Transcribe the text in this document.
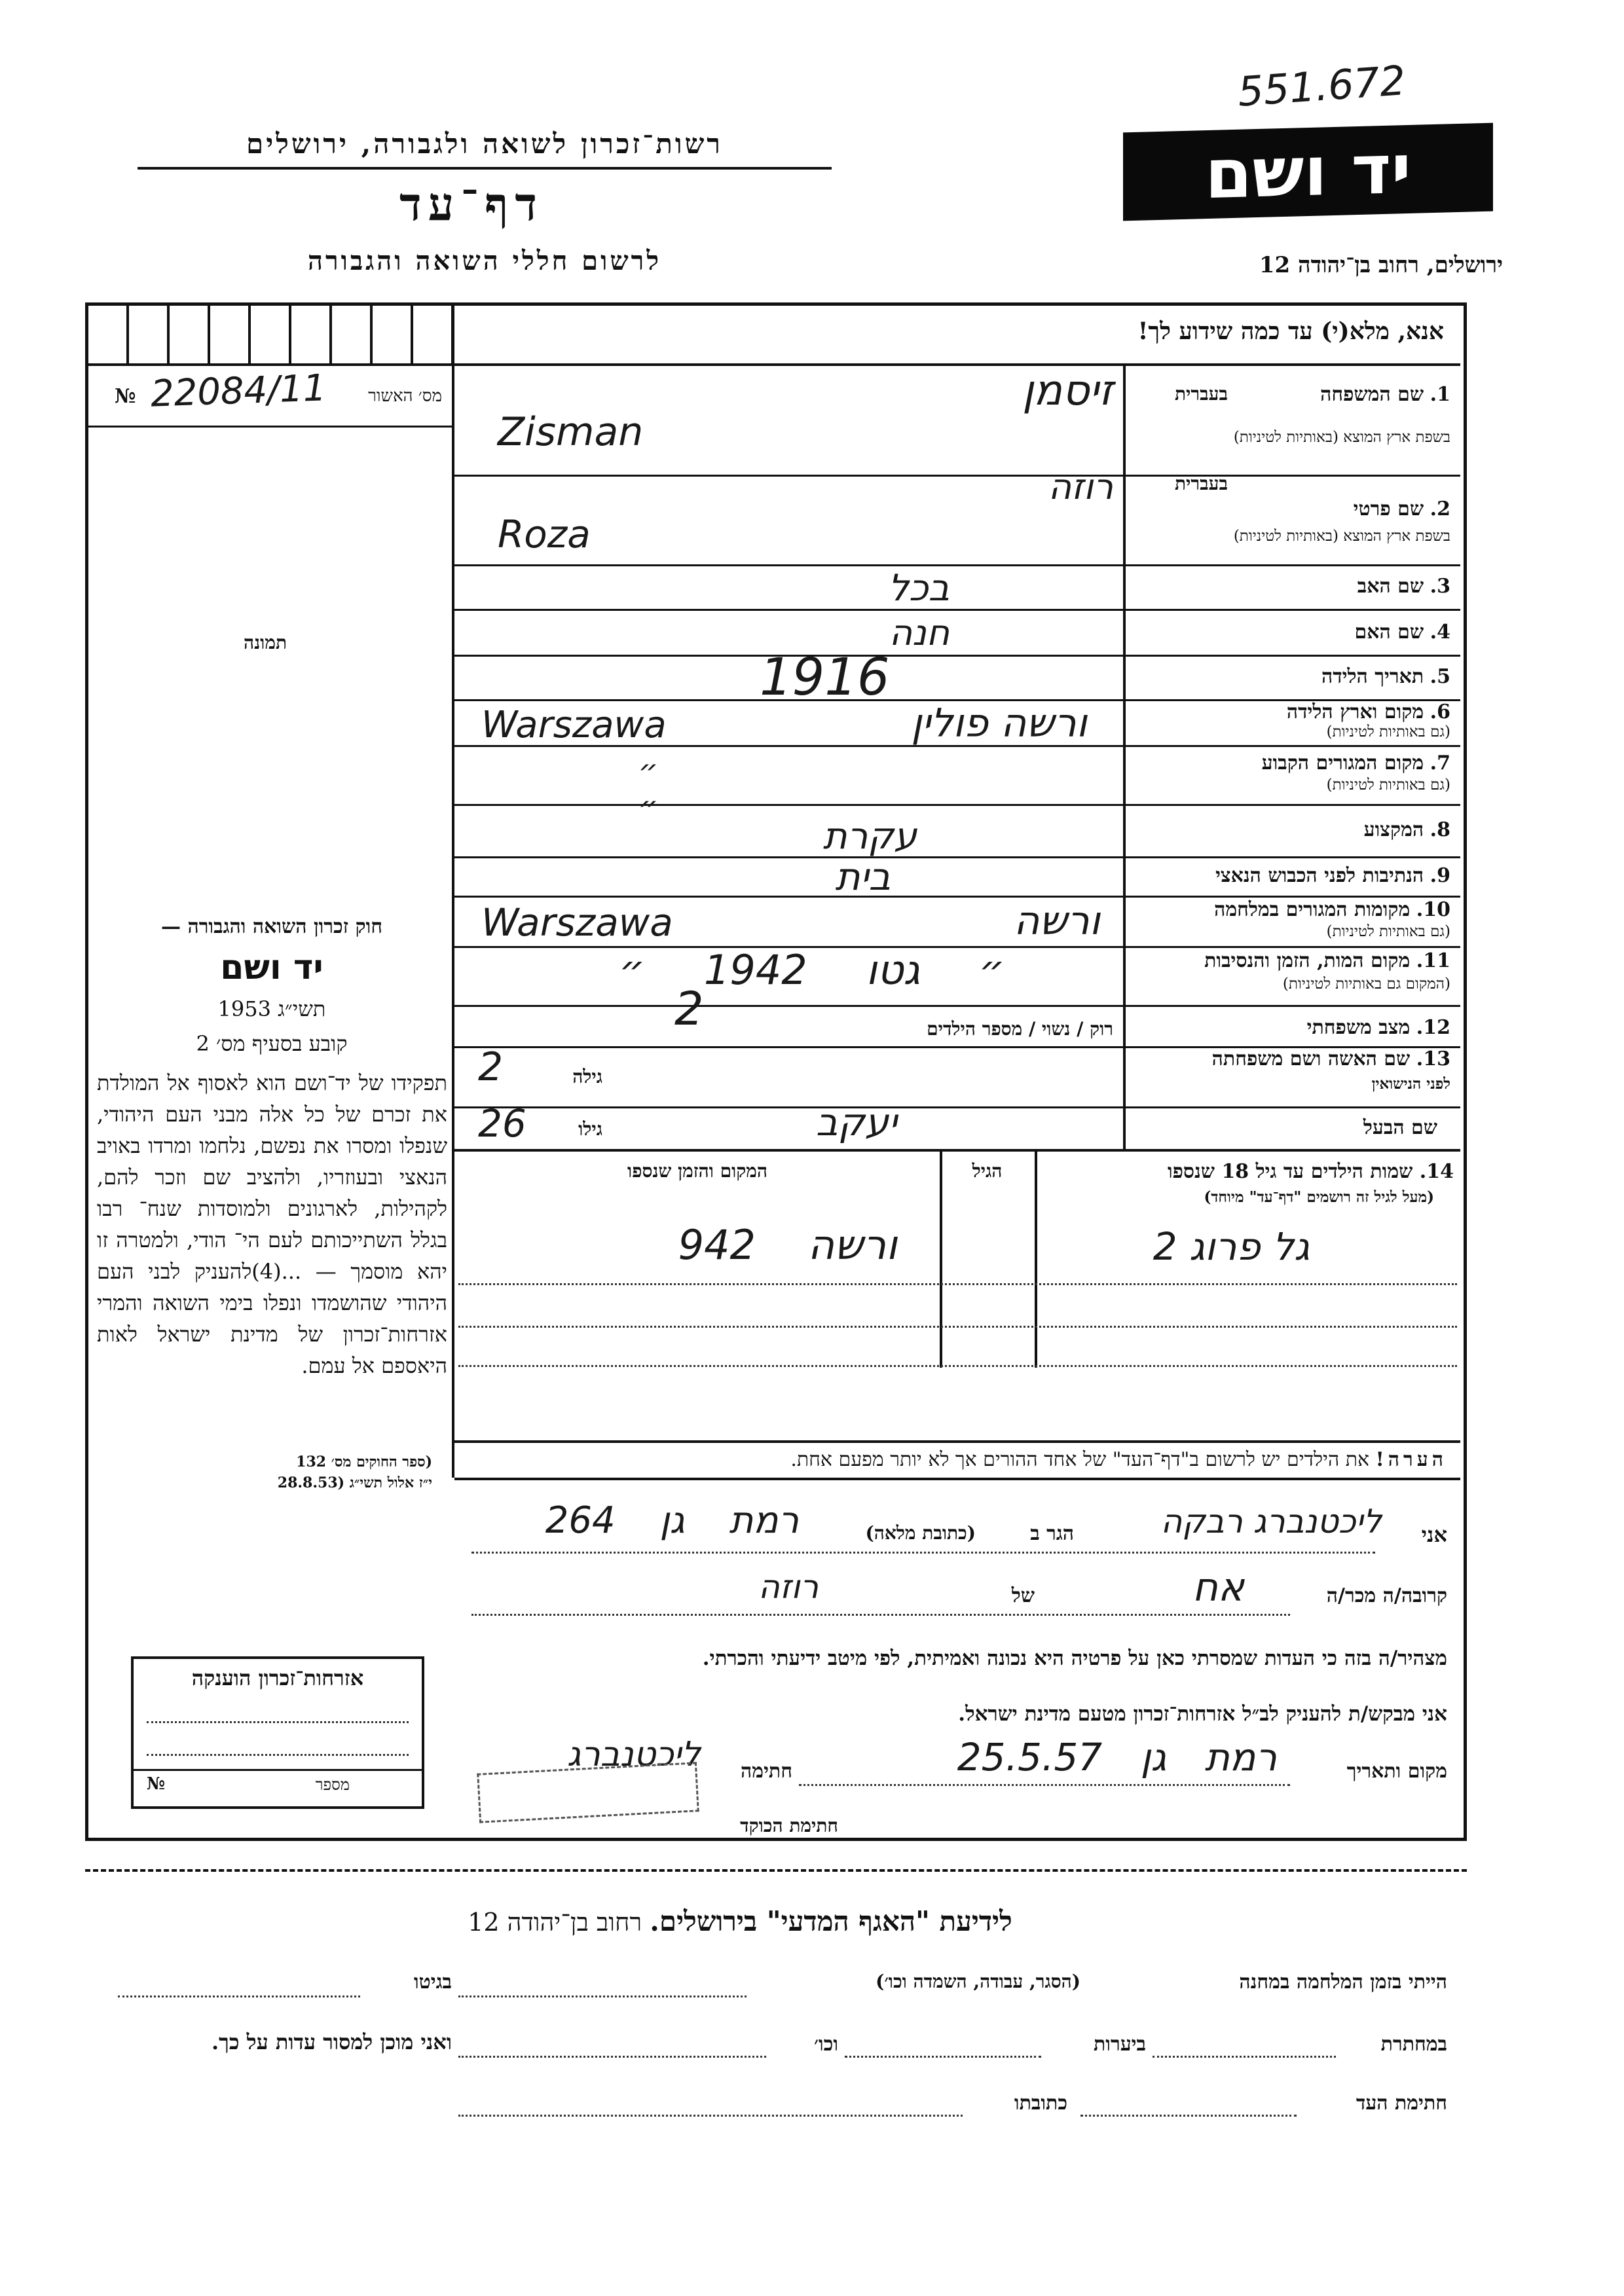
551.672
יד ושם
ירושלים, רחוב בן־יהודה 12
רשות־זכרון לשואה ולגבורה, ירושלים
דף־עד
לרשום חללי השואה והגבורה
אנא, מלא(י) עד כמה שידוע לך!
מס׳ האשור
№ 22084/11
תמונה
חוק זכרון השואה והגבורה —
יד ושם
תשי״ג 1953
קובע בסעיף מס׳ 2
תפקידו של יד־ושם הוא לאסוף אל המולדת את זכרם של כל אלה מבני העם היהודי, שנפלו ומסרו את נפשם, נלחמו ומרדו באויב הנאצי ובעוזריו, ולהציב שם וזכר להם, לקהילות, לארגונים ולמוסדות שנח־ רבו בגלל השתייכותם לעם הי־ הודי, ולמטרה זו יהא מוסמך — ...(4)להעניק לבני העם היהודי שהושמדו ונפלו בימי השואה והמרי אזרחות־זכרון של מדינת ישראל לאות היאספם אל עמם.
(ספר החוקים מס׳ 132
י״ז אלול תשי״ג (28.8.53
אזרחות־זכרון הוענקה
מספר
№
1. שם המשפחה
בעברית
בשפת ארץ המוצא (באותיות לטיניות)
זיסמן
Zisman
2. שם פרטי
בעברית
בשפת ארץ המוצא (באותיות לטיניות)
רוזה
Roza
3. שם האב
בכל
4. שם האם
חנה
5. תאריך הלידה
1916
6. מקום וארץ הלידה
(גם באותיות לטיניות)
ורשה פולין
Warszawa
7. מקום המגורים הקבוע
(גם באותיות לטיניות)
״ ״
8. המקצוע
עקרת
9. הנתיבות לפני הכבוש הנאצי
בית
10. מקומות המגורים במלחמה
(גם באותיות לטיניות)
ורשה
Warszawa
11. מקום המות, הזמן והנסיבות
(המקום גם באותיות לטיניות)
״ גטו 1942 ״
12. מצב משפחתי
רוק / נשוי / מספר הילדים
2
13. שם האשה ושם משפחתה
לפני הנישואין
גילה
2
שם הבעל
גילו
26	יעקב
14. שמות הילדים עד גיל 18 שנספו
(מעל לגיל זה רושמים "דף־עד" מיוחד)
הגיל
המקום והזמן שנספו
גל פרוג 2
ורשה 942
הערה! את הילדים יש לרשום ב"דף־העד" של אחד ההורים אך לא יותר מפעם אחת.
אני
ליכטנברג רבקה
הגר ב
(כתובת מלאה)
רמת גן 264
קרובה/ה מכר/ה
אח
של
רוזה
מצהיר/ה בזה כי העדות שמסרתי כאן על פרטיה היא נכונה ואמיתית, לפי מיטב ידיעתי והכרתי.
אני מבקש/ת להעניק לב״ל אזרחות־זכרון מטעם מדינת ישראל.
מקום ותאריך
רמת גן 25.5.57
חתימה
ליכטנברג
חתימת הכוקד
לידיעת "האגף המדעי" בירושלים. רחוב בן־יהודה 12
הייתי בזמן המלחמה במחנה
(הסגר, עבודה, השמדה וכו׳)
בגיטו
במחתרת
ביערות
וכו׳
ואני מוכן למסור עדות על כך.
חתימת העד
כתובתו
